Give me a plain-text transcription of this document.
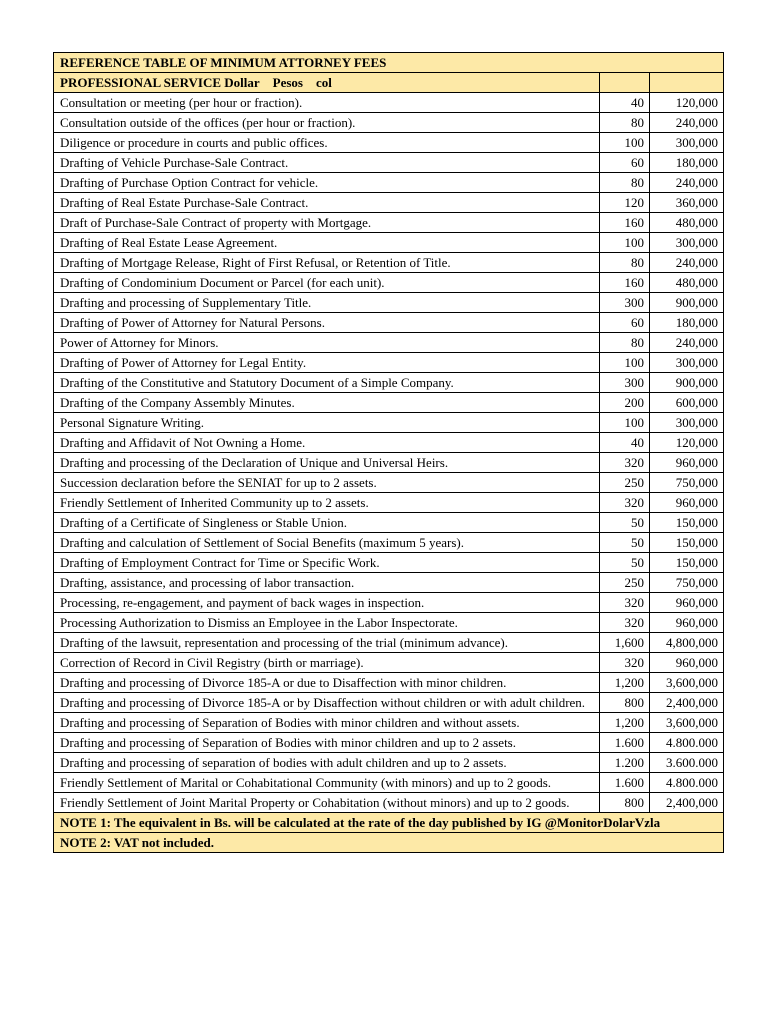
REFERENCE TABLE OF MINIMUM ATTORNEY FEES		
PROFESSIONAL SERVICE Dollar Pesos col		
Consultation or meeting (per hour or fraction).	40	120,000
Consultation outside of the offices (per hour or fraction).	80	240,000
Diligence or procedure in courts and public offices.	100	300,000
Drafting of Vehicle Purchase-Sale Contract.	60	180,000
Drafting of Purchase Option Contract for vehicle.	80	240,000
Drafting of Real Estate Purchase-Sale Contract.	120	360,000
Draft of Purchase-Sale Contract of property with Mortgage.	160	480,000
Drafting of Real Estate Lease Agreement.	100	300,000
Drafting of Mortgage Release, Right of First Refusal, or Retention of Title.	80	240,000
Drafting of Condominium Document or Parcel (for each unit).	160	480,000
Drafting and processing of Supplementary Title.	300	900,000
Drafting of Power of Attorney for Natural Persons.	60	180,000
Power of Attorney for Minors.	80	240,000
Drafting of Power of Attorney for Legal Entity.	100	300,000
Drafting of the Constitutive and Statutory Document of a Simple Company.	300	900,000
Drafting of the Company Assembly Minutes.	200	600,000
Personal Signature Writing.	100	300,000
Drafting and Affidavit of Not Owning a Home.	40	120,000
Drafting and processing of the Declaration of Unique and Universal Heirs.	320	960,000
Succession declaration before the SENIAT for up to 2 assets.	250	750,000
Friendly Settlement of Inherited Community up to 2 assets.	320	960,000
Drafting of a Certificate of Singleness or Stable Union.	50	150,000
Drafting and calculation of Settlement of Social Benefits (maximum 5 years).	50	150,000
Drafting of Employment Contract for Time or Specific Work.	50	150,000
Drafting, assistance, and processing of labor transaction.	250	750,000
Processing, re-engagement, and payment of back wages in inspection.	320	960,000
Processing Authorization to Dismiss an Employee in the Labor Inspectorate.	320	960,000
Drafting of the lawsuit, representation and processing of the trial (minimum advance).	1,600	4,800,000
Correction of Record in Civil Registry (birth or marriage).	320	960,000
Drafting and processing of Divorce 185-A or due to Disaffection with minor children.	1,200	3,600,000
Drafting and processing of Divorce 185-A or by Disaffection without children or with adult children.	800	2,400,000
Drafting and processing of Separation of Bodies with minor children and without assets.	1,200	3,600,000
Drafting and processing of Separation of Bodies with minor children and up to 2 assets.	1.600	4.800.000
Drafting and processing of separation of bodies with adult children and up to 2 assets.	1.200	3.600.000
Friendly Settlement of Marital or Cohabitational Community (with minors) and up to 2 goods.	1.600	4.800.000
Friendly Settlement of Joint Marital Property or Cohabitation (without minors) and up to 2 goods.	800	2,400,000
NOTE 1: The equivalent in Bs. will be calculated at the rate of the day published by IG @MonitorDolarVzla		
NOTE 2: VAT not included.		
